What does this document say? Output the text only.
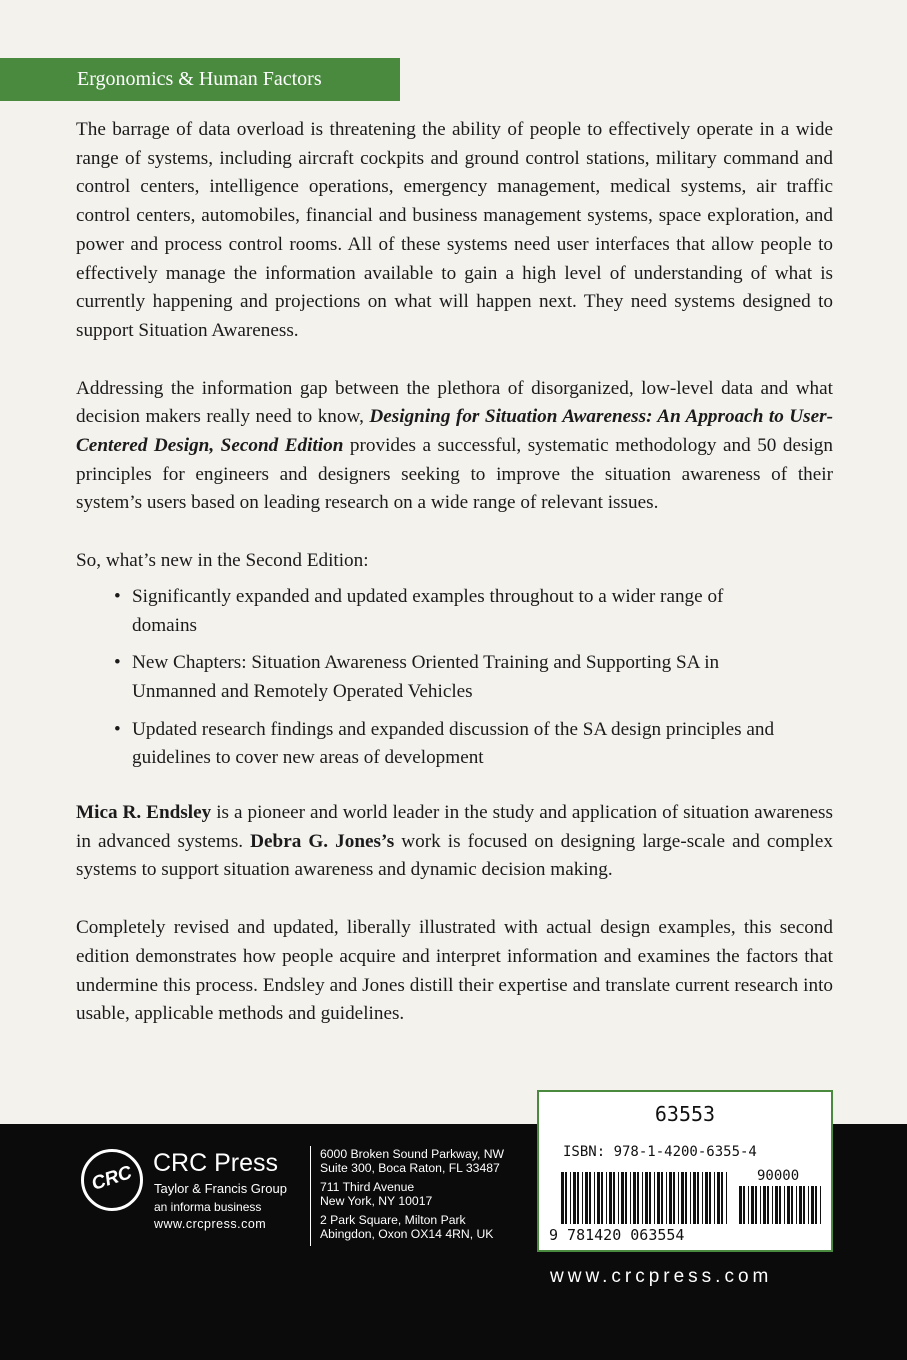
Ergonomics & Human Factors

The barrage of data overload is threatening the ability of people to effectively operate in a wide range of systems, including aircraft cockpits and ground control stations, military command and control centers, intelligence operations, emergency management, medical systems, air traffic control centers, automobiles, financial and business management systems, space exploration, and power and process control rooms. All of these systems need user interfaces that allow people to effectively manage the information available to gain a high level of understanding of what is currently happening and projections on what will happen next. They need systems designed to support Situation Awareness.

Addressing the information gap between the plethora of disorganized, low-level data and what decision makers really need to know, Designing for Situation Awareness: An Approach to User-Centered Design, Second Edition provides a successful, systematic methodology and 50 design principles for engineers and designers seeking to improve the situation awareness of their system’s users based on leading research on a wide range of relevant issues.

So, what’s new in the Second Edition:

• Significantly expanded and updated examples throughout to a wider range of domains
• New Chapters: Situation Awareness Oriented Training and Supporting SA in Unmanned and Remotely Operated Vehicles
• Updated research findings and expanded discussion of the SA design principles and guidelines to cover new areas of development

Mica R. Endsley is a pioneer and world leader in the study and application of situation awareness in advanced systems. Debra G. Jones’s work is focused on designing large-scale and complex systems to support situation awareness and dynamic decision making.

Completely revised and updated, liberally illustrated with actual design examples, this second edition demonstrates how people acquire and interpret information and examines the factors that undermine this process. Endsley and Jones distill their expertise and translate current research into usable, applicable methods and guidelines.

CRC CRC Press
Taylor & Francis Group
an informa business
www.crcpress.com
6000 Broken Sound Parkway, NW
Suite 300, Boca Raton, FL 33487
711 Third Avenue
New York, NY 10017
2 Park Square, Milton Park
Abingdon, Oxon OX14 4RN, UK
63553
ISBN: 978-1-4200-6355-4
90000
9 781420 063554
www.crcpress.com
